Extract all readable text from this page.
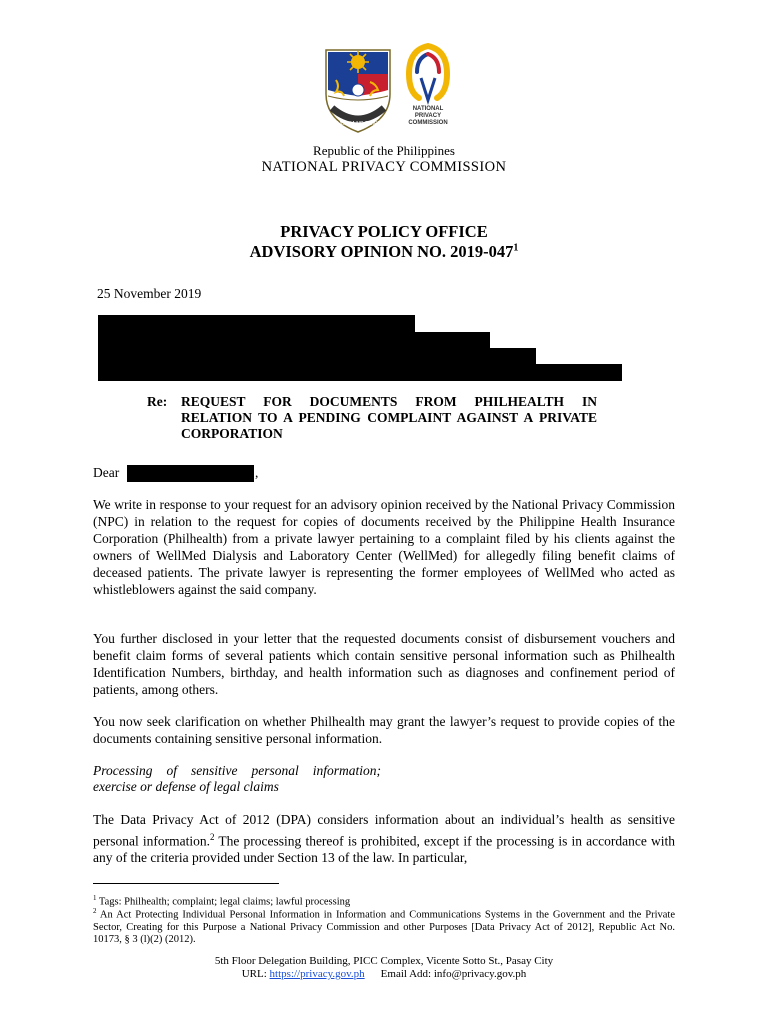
REPUBLIKA NG PILIPINAS
NATIONAL
PRIVACY
COMMISSION
Republic of the Philippines
NATIONAL PRIVACY COMMISSION
PRIVACY POLICY OFFICE
ADVISORY OPINION NO. $2019-047^1$
25 November 2019
Re: REQUEST FOR DOCUMENTS FROM PHILHEALTH IN RELATION TO A PENDING COMPLAINT AGAINST A PRIVATE CORPORATION
Dear	,
We write in response to your request for an advisory opinion received by the National Privacy Commission (NPC) in relation to the request for copies of documents received by the Philippine Health Insurance Corporation (Philhealth) from a private lawyer pertaining to a complaint filed by his clients against the owners of WellMed Dialysis and Laboratory Center (WellMed) for allegedly filing benefit claims of deceased patients. The private lawyer is representing the former employees of WellMed who acted as whistleblowers against the said company.
You further disclosed in your letter that the requested documents consist of disbursement vouchers and benefit claim forms of several patients which contain sensitive personal information such as Philhealth Identification Numbers, birthday, and health information such as diagnoses and confinement period of patients, among others.
You now seek clarification on whether Philhealth may grant the lawyer’s request to provide copies of the documents containing sensitive personal information.
Processing of sensitive personal information;
exercise or defense of legal claims
The Data Privacy Act of 2012 (DPA) considers information about an individual’s health as sensitive personal information.$^2$ The processing thereof is prohibited, except if the processing is in accordance with any of the criteria provided under Section 13 of the law. In particular,
$^1$ Tags: Philhealth; complaint; legal claims; lawful processing
$^2$ An Act Protecting Individual Personal Information in Information and Communications Systems in the Government and the Private Sector, Creating for this Purpose a National Privacy Commission and other Purposes [Data Privacy Act of 2012], Republic Act No. 10173, § 3 (l)(2) (2012).
5th Floor Delegation Building, PICC Complex, Vicente Sotto St., Pasay City
URL: https://privacy.gov.ph Email Add: info@privacy.gov.ph
